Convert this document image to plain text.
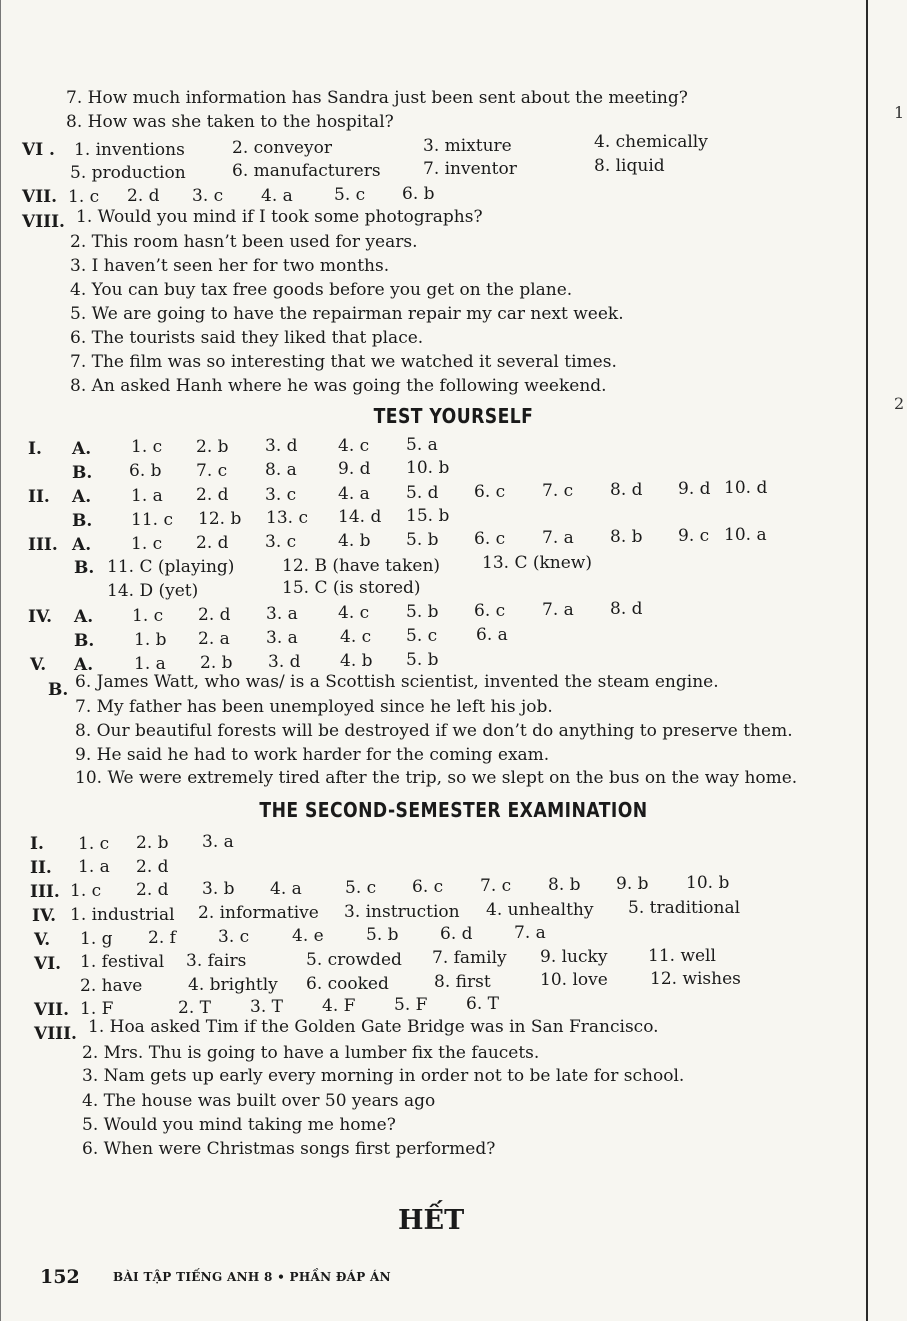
1
2
7. How much information has Sandra just been sent about the meeting?
8. How was she taken to the hospital?
VI . 1. inventions	2. conveyor	3. mixture	4. chemically
5. production	6. manufacturers 7. inventor	8. liquid
VII. 1. c 2. d 3. c 4. a 5. c 6. b
VIII. 1. Would you mind if I took some photographs?
2. This room hasn’t been used for years.
3. I haven’t seen her for two months.
4. You can buy tax free goods before you get on the plane.
5. We are going to have the repairman repair my car next week.
6. The tourists said they liked that place.
7. The film was so interesting that we watched it several times.
8. An asked Hanh where he was going the following weekend.
TEST YOURSELF
I. A. 1. c 2. b 3. d 4. c 5. a
B. 6. b 7. c 8. a 9. d 10. b
II. A. 1. a 2. d 3. c 4. a 5. d 6. c 7. c 8. d 9. d 10. d
B. 11. c 12. b 13. c 14. d 15. b
III. A. 1. c 2. d 3. c 4. b 5. b 6. c 7. a 8. b 9. c 10. a
B. 11. C (playing)	12. B (have taken) 13. C (knew)
14. D (yet)	15. C (is stored)
IV. A. 1. c 2. d 3. a 4. c 5. b 6. c 7. a 8. d
B. 1. b 2. a 3. a 4. c 5. c 6. a
V. A. 1. a 2. b 3. d 4. b 5. b
B. 6. James Watt, who was/ is a Scottish scientist, invented the steam engine.
7. My father has been unemployed since he left his job.
8. Our beautiful forests will be destroyed if we don’t do anything to preserve them.
9. He said he had to work harder for the coming exam.
10. We were extremely tired after the trip, so we slept on the bus on the way home.
THE SECOND-SEMESTER EXAMINATION
I. 1. c 2. b 3. a
II. 1. a 2. d
III. 1. c 2. d 3. b 4. a	5. c 6. c 7. c 8. b 9. b 10. b
IV. 1. industrial 2. informative 3. instruction 4. unhealthy 5. traditional
V. 1. g 2. f 3. c	4. e 5. b 6. d 7. a
VI. 1. festival 3. fairs	5. crowded 7. family 9. lucky 11. well
2. have	4. brightly 6. cooked	8. first	10. love 12. wishes
VII. 1. F	2. T 3. T 4. F 5. F 6. T
VIII. 1. Hoa asked Tim if the Golden Gate Bridge was in San Francisco.
2. Mrs. Thu is going to have a lumber fix the faucets.
3. Nam gets up early every morning in order not to be late for school.
4. The house was built over 50 years ago
5. Would you mind taking me home?
6. When were Christmas songs first performed?
HẾT
152	BÀI TẬP TIẾNG ANH 8 • PHẦN ĐÁP ÁN
